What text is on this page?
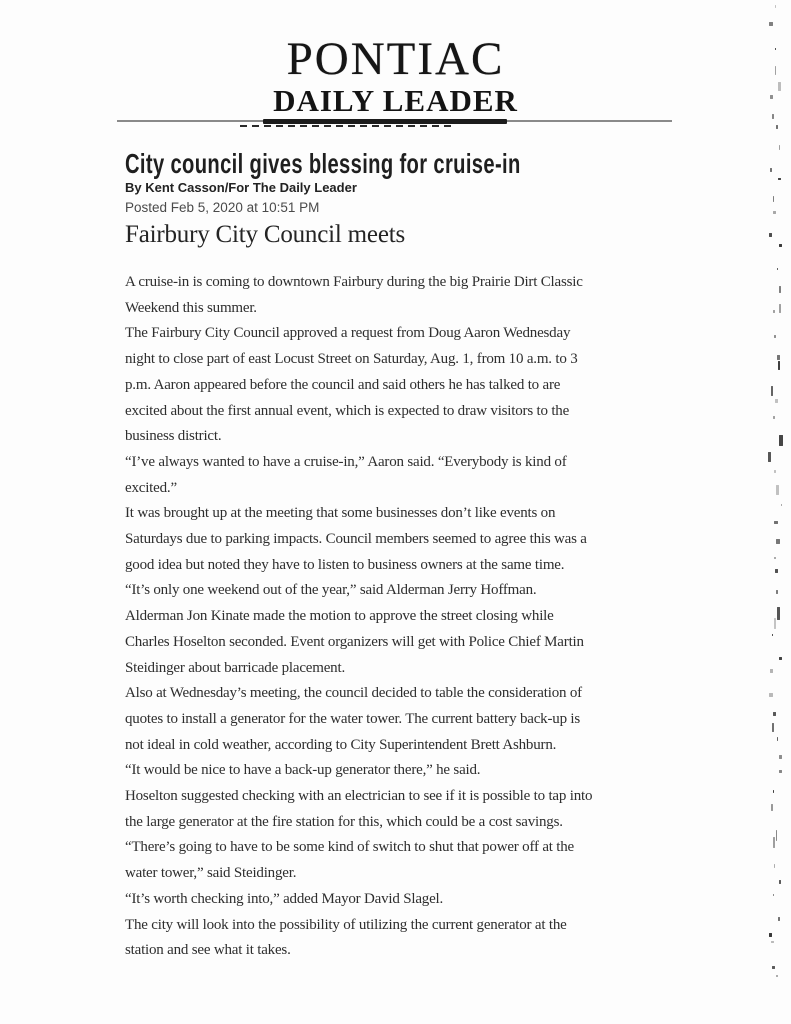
PONTIAC
DAILY LEADER
City council gives blessing for cruise-in
By Kent Casson/For The Daily Leader
Posted Feb 5, 2020 at 10:51 PM
Fairbury City Council meets

A cruise-in is coming to downtown Fairbury during the big Prairie Dirt Classic
Weekend this summer.

The Fairbury City Council approved a request from Doug Aaron Wednesday
night to close part of east Locust Street on Saturday, Aug. 1, from 10 a.m. to 3
p.m. Aaron appeared before the council and said others he has talked to are
excited about the first annual event, which is expected to draw visitors to the
business district.

“I’ve always wanted to have a cruise-in,” Aaron said. “Everybody is kind of
excited.”

It was brought up at the meeting that some businesses don’t like events on
Saturdays due to parking impacts. Council members seemed to agree this was a
good idea but noted they have to listen to business owners at the same time.

“It’s only one weekend out of the year,” said Alderman Jerry Hoffman.

Alderman Jon Kinate made the motion to approve the street closing while
Charles Hoselton seconded. Event organizers will get with Police Chief Martin
Steidinger about barricade placement.

Also at Wednesday’s meeting, the council decided to table the consideration of
quotes to install a generator for the water tower. The current battery back-up is
not ideal in cold weather, according to City Superintendent Brett Ashburn.

“It would be nice to have a back-up generator there,” he said.

Hoselton suggested checking with an electrician to see if it is possible to tap into
the large generator at the fire station for this, which could be a cost savings.

“There’s going to have to be some kind of switch to shut that power off at the
water tower,” said Steidinger.

“It’s worth checking into,” added Mayor David Slagel.

The city will look into the possibility of utilizing the current generator at the
station and see what it takes.
